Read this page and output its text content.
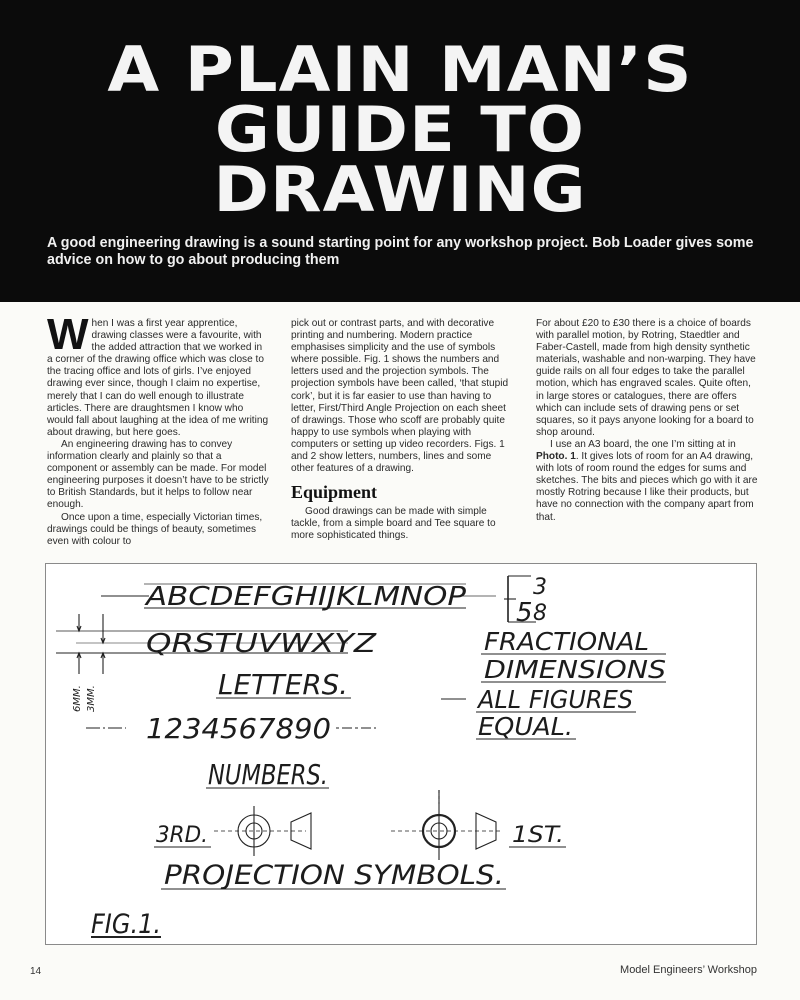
A PLAIN MAN’S
GUIDE TO
DRAWING
A good engineering drawing is a sound starting point for any workshop project. Bob Loader gives some advice on how to go about producing them

When I was a first year apprentice, drawing classes were a favourite, with the added attraction that we worked in a corner of the drawing office which was close to the tracing office and lots of girls. I’ve enjoyed drawing ever since, though I claim no expertise, merely that I can do well enough to illustrate articles. There are draughtsmen I know who would fall about laughing at the idea of me writing about drawing, but here goes.

An engineering drawing has to convey information clearly and plainly so that a component or assembly can be made. For model engineering purposes it doesn’t have to be strictly to British Standards, but it helps to follow near enough.

Once upon a time, especially Victorian times, drawings could be things of beauty, sometimes even with colour to

pick out or contrast parts, and with decorative printing and numbering. Modern practice emphasises simplicity and the use of symbols where possible. Fig. 1 shows the numbers and letters used and the projection symbols. The projection symbols have been called, ‘that stupid cork’, but it is far easier to use than having to letter, First/Third Angle Projection on each sheet of drawings. Those who scoff are probably quite happy to use symbols when playing with computers or setting up video recorders. Figs. 1 and 2 show letters, numbers, lines and some other features of a drawing.

Equipment

Good drawings can be made with simple tackle, from a simple board and Tee square to more sophisticated things.

For about £20 to £30 there is a choice of boards with parallel motion, by Rotring, Staedtler and Faber-Castell, made from high density synthetic materials, washable and non-warping. They have guide rails on all four edges to take the parallel motion, which has engraved scales. Quite often, in large stores or catalogues, there are offers which can include sets of drawing pens or set squares, so it pays anyone looking for a board to shop around.

I use an A3 board, the one I’m sitting at in Photo. 1. It gives lots of room for an A4 drawing, with lots of room round the edges for sums and sketches. The bits and pieces which go with it are mostly Rotring because I like their products, but have no connection with the company apart from that.

ABCDEFGHIJKLMNOP
QRSTUVWXYZ
LETTERS.
1234567890
NUMBERS.
6MM. 3MM.
5
3
8
FRACTIONAL
DIMENSIONS
ALL FIGURES
EQUAL.
3RD.	1ST.
PROJECTION SYMBOLS.
FIG.1.
14	Model Engineers’ Workshop
